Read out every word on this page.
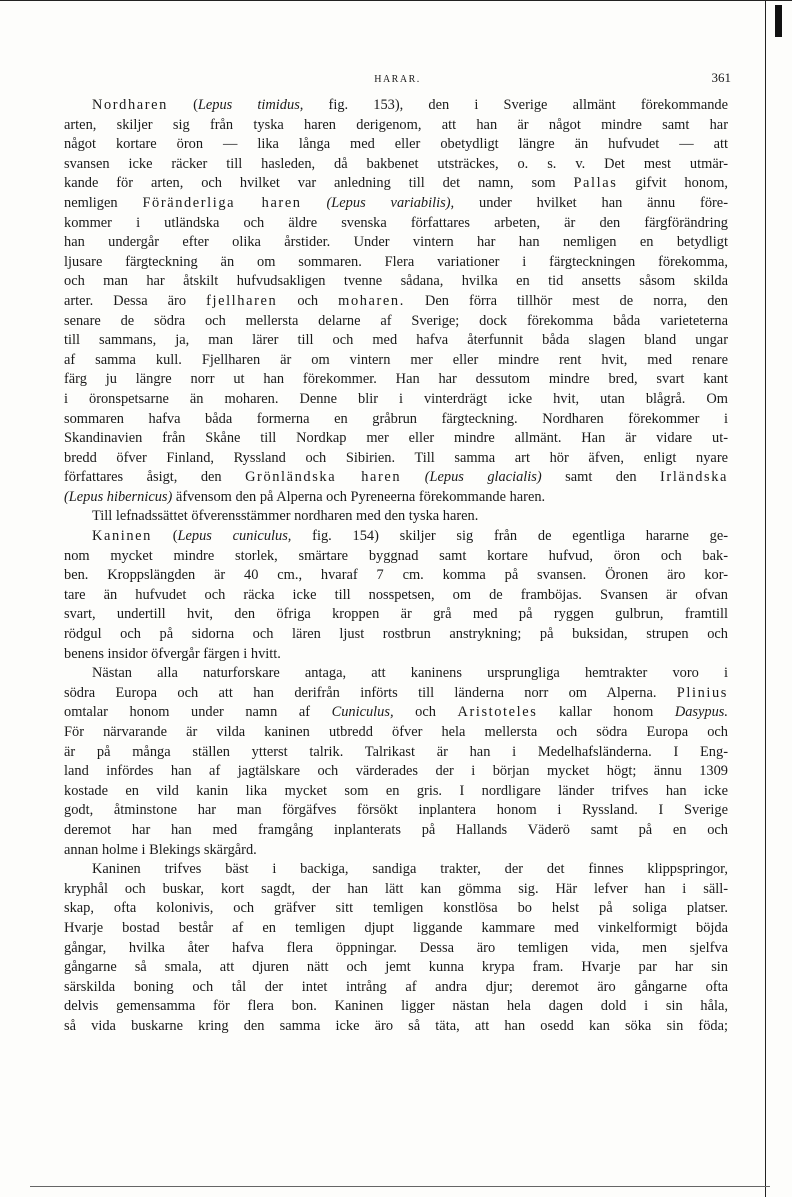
HARAR.	361
Nordharen (Lepus timidus, fig. 153), den i Sverige allmänt förekommande
arten, skiljer sig från tyska haren derigenom, att han är något mindre samt har
något kortare öron — lika långa med eller obetydligt längre än hufvudet — att
svansen icke räcker till hasleden, då bakbenet utsträckes, o. s. v. Det mest utmär-
kande för arten, och hvilket var anledning till det namn, som Pallas gifvit honom,
nemligen Föränderliga haren (Lepus variabilis), under hvilket han ännu före-
kommer i utländska och äldre svenska författares arbeten, är den färgförändring
han undergår efter olika årstider. Under vintern har han nemligen en betydligt
ljusare färgteckning än om sommaren. Flera variationer i färgteckningen förekomma,
och man har åtskilt hufvudsakligen tvenne sådana, hvilka en tid ansetts såsom skilda
arter. Dessa äro fjellharen och moharen. Den förra tillhör mest de norra, den
senare de södra och mellersta delarne af Sverige; dock förekomma båda varieteterna
till sammans, ja, man lärer till och med hafva återfunnit båda slagen bland ungar
af samma kull. Fjellharen är om vintern mer eller mindre rent hvit, med renare
färg ju längre norr ut han förekommer. Han har dessutom mindre bred, svart kant
i öronspetsarne än moharen. Denne blir i vinterdrägt icke hvit, utan blågrå. Om
sommaren hafva båda formerna en gråbrun färgteckning. Nordharen förekommer i
Skandinavien från Skåne till Nordkap mer eller mindre allmänt. Han är vidare ut-
bredd öfver Finland, Ryssland och Sibirien. Till samma art hör äfven, enligt nyare
författares åsigt, den Grönländska haren (Lepus glacialis) samt den Irländska
(Lepus hibernicus) äfvensom den på Alperna och Pyreneerna förekommande haren.
Till lefnadssättet öfverensstämmer nordharen med den tyska haren.
Kaninen (Lepus cuniculus, fig. 154) skiljer sig från de egentliga hararne ge-
nom mycket mindre storlek, smärtare byggnad samt kortare hufvud, öron och bak-
ben. Kroppslängden är 40 cm., hvaraf 7 cm. komma på svansen. Öronen äro kor-
tare än hufvudet och räcka icke till nosspetsen, om de framböjas. Svansen är ofvan
svart, undertill hvit, den öfriga kroppen är grå med på ryggen gulbrun, framtill
rödgul och på sidorna och lären ljust rostbrun anstrykning; på buksidan, strupen och
benens insidor öfvergår färgen i hvitt.
Nästan alla naturforskare antaga, att kaninens ursprungliga hemtrakter voro i
södra Europa och att han derifrån införts till länderna norr om Alperna. Plinius
omtalar honom under namn af Cuniculus, och Aristoteles kallar honom Dasypus.
För närvarande är vilda kaninen utbredd öfver hela mellersta och södra Europa och
är på många ställen ytterst talrik. Talrikast är han i Medelhafsländerna. I Eng-
land infördes han af jagtälskare och värderades der i början mycket högt; ännu 1309
kostade en vild kanin lika mycket som en gris. I nordligare länder trifves han icke
godt, åtminstone har man förgäfves försökt inplantera honom i Ryssland. I Sverige
deremot har han med framgång inplanterats på Hallands Väderö samt på en och
annan holme i Blekings skärgård.
Kaninen trifves bäst i backiga, sandiga trakter, der det finnes klippspringor,
kryphål och buskar, kort sagdt, der han lätt kan gömma sig. Här lefver han i säll-
skap, ofta kolonivis, och gräfver sitt temligen konstlösa bo helst på soliga platser.
Hvarje bostad består af en temligen djupt liggande kammare med vinkelformigt böjda
gångar, hvilka åter hafva flera öppningar. Dessa äro temligen vida, men sjelfva
gångarne så smala, att djuren nätt och jemt kunna krypa fram. Hvarje par har sin
särskilda boning och tål der intet intrång af andra djur; deremot äro gångarne ofta
delvis gemensamma för flera bon. Kaninen ligger nästan hela dagen dold i sin håla,
så vida buskarne kring den samma icke äro så täta, att han osedd kan söka sin föda;
